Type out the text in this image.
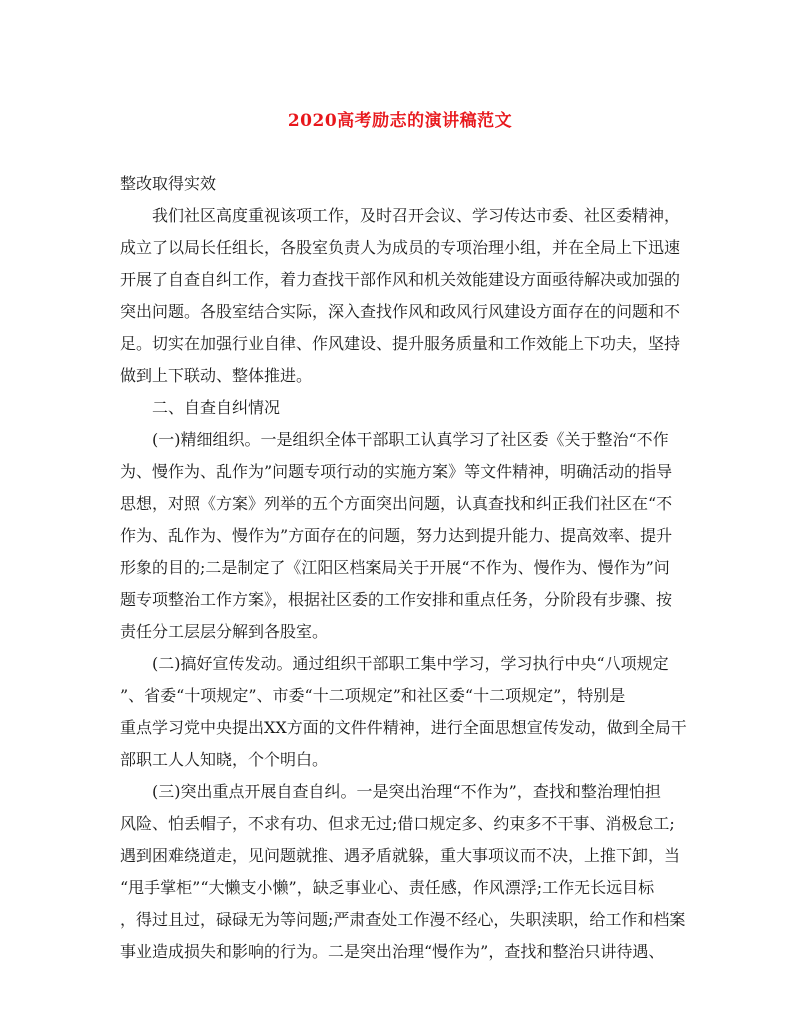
2020高考励志的演讲稿范文
整改取得实效
我们社区高度重视该项工作，及时召开会议、学习传达市委、社区委精神，
成立了以局长任组长，各股室负责人为成员的专项治理小组，并在全局上下迅速
开展了自查自纠工作，着力查找干部作风和机关效能建设方面亟待解决或加强的
突出问题。各股室结合实际，深入查找作风和政风行风建设方面存在的问题和不
足。切实在加强行业自律、作风建设、提升服务质量和工作效能上下功夫，坚持
做到上下联动、整体推进。
二、自查自纠情况
(一)精细组织。一是组织全体干部职工认真学习了社区委《关于整治“不作
为、慢作为、乱作为”问题专项行动的实施方案》等文件精神，明确活动的指导
思想，对照《方案》列举的五个方面突出问题，认真查找和纠正我们社区在“不
作为、乱作为、慢作为”方面存在的问题，努力达到提升能力、提高效率、提升
形象的目的;二是制定了《江阳区档案局关于开展“不作为、慢作为、慢作为”问
题专项整治工作方案》，根据社区委的工作安排和重点任务，分阶段有步骤、按
责任分工层层分解到各股室。
(二)搞好宣传发动。通过组织干部职工集中学习，学习执行中央“八项规定
”、省委“十项规定”、市委“十二项规定”和社区委“十二项规定”，特别是
重点学习党中央提出XX方面的文件件精神，进行全面思想宣传发动，做到全局干
部职工人人知晓，个个明白。
(三)突出重点开展自查自纠。一是突出治理“不作为”，查找和整治理怕担
风险、怕丢帽子，不求有功、但求无过;借口规定多、约束多不干事、消极怠工;
遇到困难绕道走，见问题就推、遇矛盾就躲，重大事项议而不决，上推下卸，当
“甩手掌柜”“大懒支小懒”，缺乏事业心、责任感，作风漂浮;工作无长远目标
，得过且过，碌碌无为等问题;严肃查处工作漫不经心，失职渎职，给工作和档案
事业造成损失和影响的行为。二是突出治理“慢作为”，查找和整治只讲待遇、
